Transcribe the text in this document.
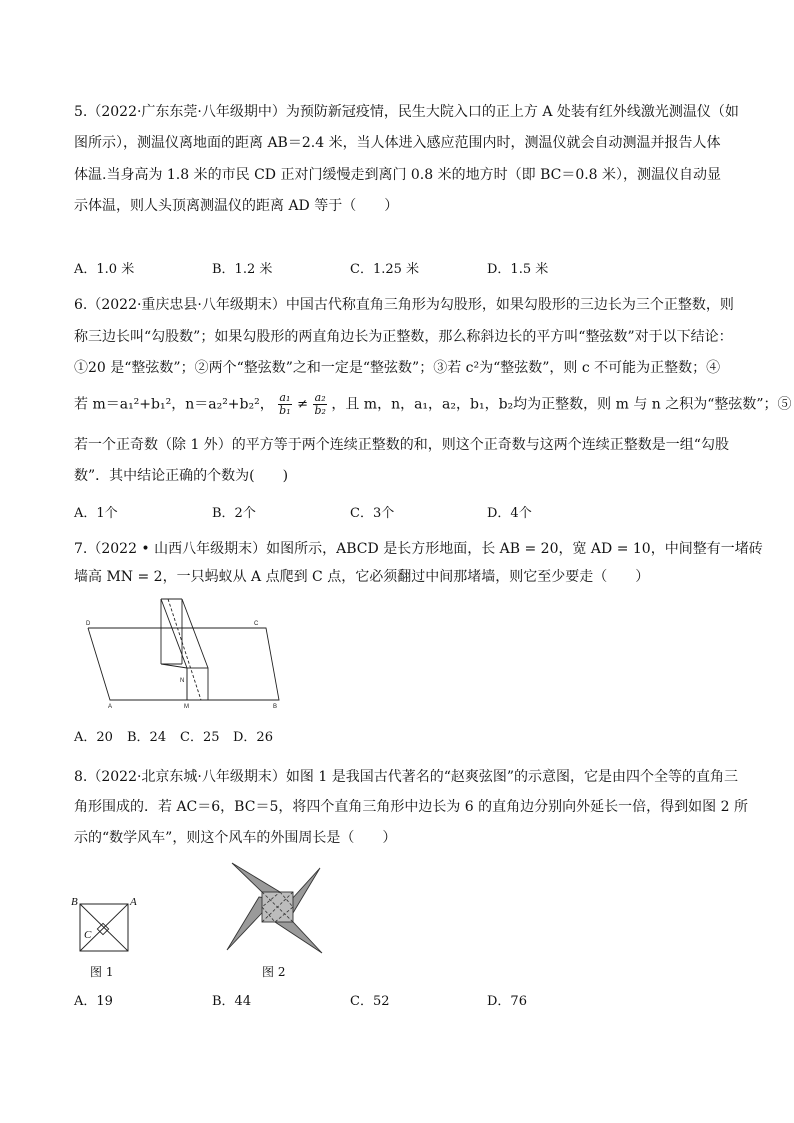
5.（2022·广东东莞·八年级期中）为预防新冠疫情，民生大院入口的正上方 A 处装有红外线激光测温仪（如
图所示），测温仪离地面的距离 AB＝2.4 米，当人体进入感应范围内时，测温仪就会自动测温并报告人体
体温.当身高为 1.8 米的市民 CD 正对门缓慢走到离门 0.8 米的地方时（即 BC＝0.8 米），测温仪自动显
示体温，则人头顶离测温仪的距离 AD 等于（　　）
A．1.0 米	B．1.2 米	C．1.25 米	D．1.5 米
6.（2022·重庆忠县·八年级期末）中国古代称直角三角形为勾股形，如果勾股形的三边长为三个正整数，则
称三边长叫“勾股数”；如果勾股形的两直角边长为正整数，那么称斜边长的平方叫“整弦数”对于以下结论：
①20 是“整弦数”；②两个“整弦数”之和一定是“整弦数”；③若 c²为“整弦数”，则 c 不可能为正整数；④
若 m＝a₁²+b₁²，n＝a₂²+b₂²， $\frac{\text{a₁}}{\text{b₁}} \ne \frac{\text{a₂}}{\text{b₂}}$ ，且 m，n，a₁，a₂，b₁，b₂均为正整数，则 m 与 n 之积为“整弦数”；⑤
若一个正奇数（除 1 外）的平方等于两个连续正整数的和，则这个正奇数与这两个连续正整数是一组“勾股
数”．其中结论正确的个数为(　　)
A．1个	B．2个	C．3个	D．4个
7.（2022 • 山西八年级期末）如图所示，ABCD 是长方形地面，长 AB = 20，宽 AD = 10，中间整有一堵砖
墙高 MN = 2，一只蚂蚁从 A 点爬到 C 点，它必须翻过中间那堵墙，则它至少要走（　　）
D	C
N
A	M	B
A．20 B．24 C．25 D．26
8.（2022·北京东城·八年级期末）如图 1 是我国古代著名的“赵爽弦图”的示意图，它是由四个全等的直角三
角形围成的．若 AC＝6，BC＝5，将四个直角三角形中边长为 6 的直角边分别向外延长一倍，得到如图 2 所
示的“数学风车”，则这个风车的外围周长是（　　）
B	A
C
图 1	图 2
A．19	B．44	C．52	D．76
